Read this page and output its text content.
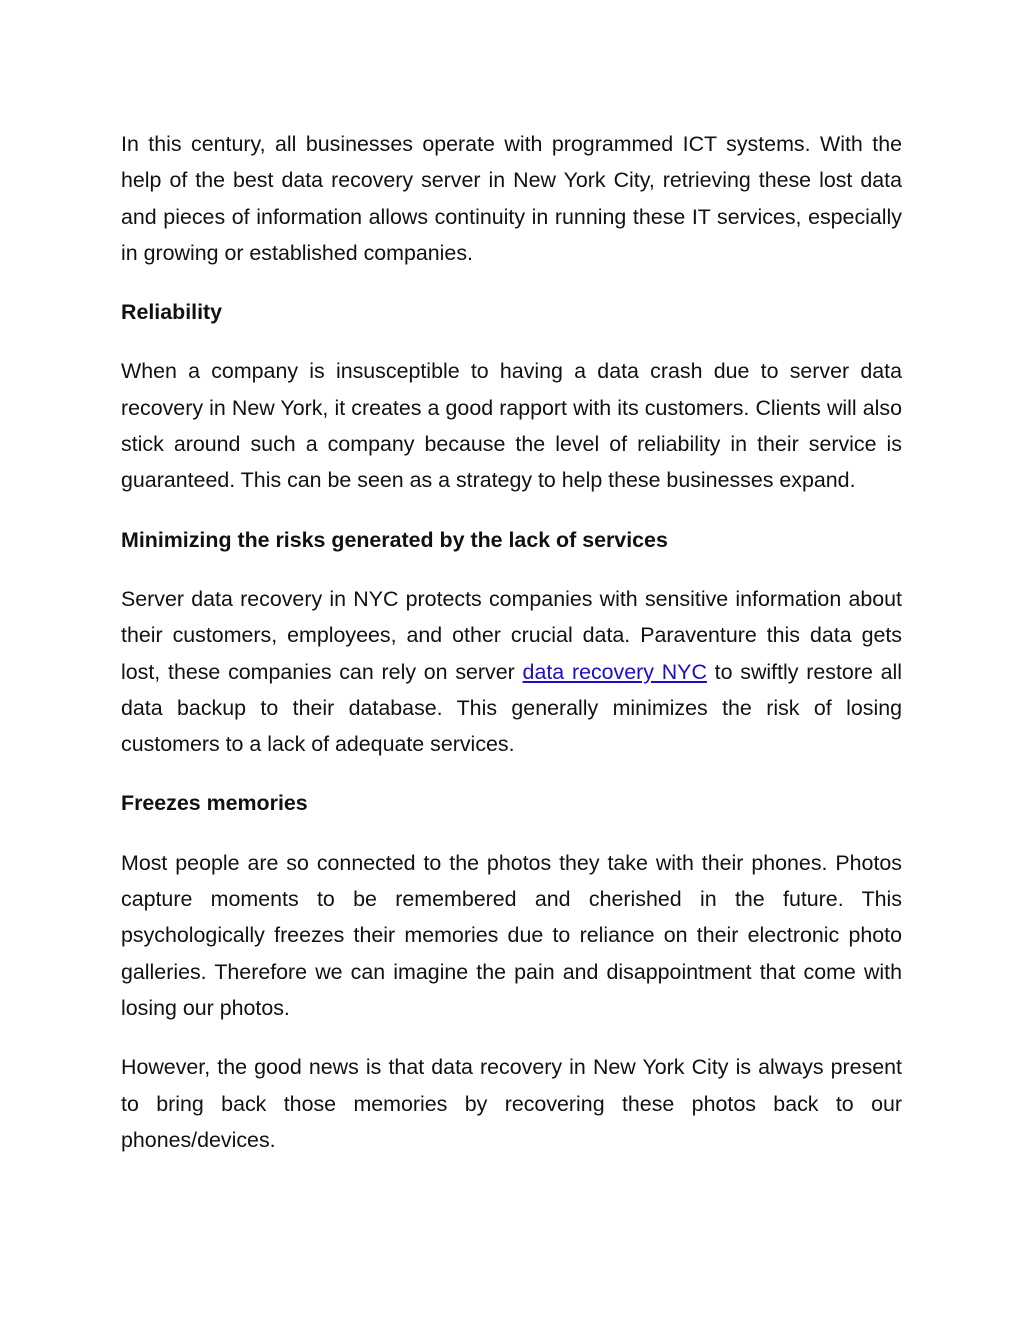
In this century, all businesses operate with programmed ICT systems. With the help of the best data recovery server in New York City, retrieving these lost data and pieces of information allows continuity in running these IT services, especially in growing or established companies.

Reliability

When a company is insusceptible to having a data crash due to server data recovery in New York, it creates a good rapport with its customers. Clients will also stick around such a company because the level of reliability in their service is guaranteed. This can be seen as a strategy to help these businesses expand.

Minimizing the risks generated by the lack of services

Server data recovery in NYC protects companies with sensitive information about their customers, employees, and other crucial data. Paraventure this data gets lost, these companies can rely on server data recovery NYC to swiftly restore all data backup to their database. This generally minimizes the risk of losing customers to a lack of adequate services.

Freezes memories

Most people are so connected to the photos they take with their phones. Photos capture moments to be remembered and cherished in the future. This psychologically freezes their memories due to reliance on their electronic photo galleries. Therefore we can imagine the pain and disappointment that come with losing our photos.

However, the good news is that data recovery in New York City is always present to bring back those memories by recovering these photos back to our phones/devices.
